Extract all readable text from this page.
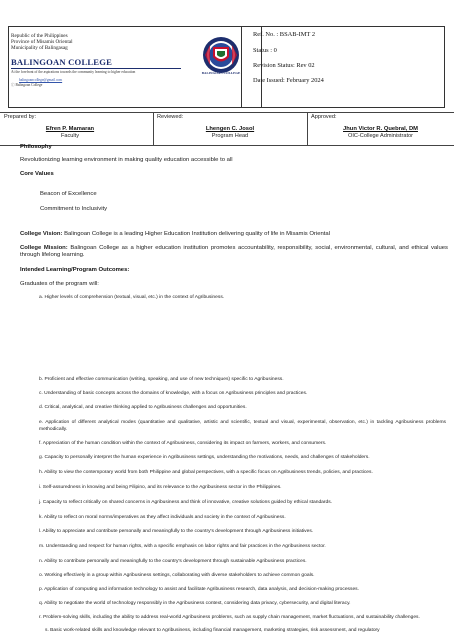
Republic of the Philippines
Province of Misamis Oriental
Municipality of Balingasag
BALINGOAN COLLEGE
At the forefront of the aspirations towards the community learning to higher education
balingoancollege@gmail.com
ⓘ Balingoan College
BALINGOAN COLLEGE
Ref. No. : BSAB-IMT 2
Status : 0
Revision Status: Rev 02
Date Issued: February 2024
Prepared by:
Efren P. Mamaran
Faculty
Reviewed:
Lhengen C. Josol
Program Head
Approved:
Jhun Victor R. Quebral, DM
OIC-College Administrator
Philosophy
Revolutionizing learning environment in making quality education accessible to all
Core Values
Beacon of Excellence
Commitment to Inclusivity
College Vision: Balingoan College is a leading Higher Education Institution delivering quality of life in Misamis Oriental
College Mission: Balingoan College as a higher education institution promotes accountability, responsibility, social, environmental, cultural, and ethical values through lifelong learning.
Intended Learning/Program Outcomes:
Graduates of the program will:
a. Higher levels of comprehension (textual, visual, etc.) in the context of Agribusiness.
b. Proficient and effective communication (writing, speaking, and use of new techniques) specific to Agribusiness.
c. Understanding of basic concepts across the domains of knowledge, with a focus on Agribusiness principles and practices.
d. Critical, analytical, and creative thinking applied to Agribusiness challenges and opportunities.
e. Application of different analytical modes (quantitative and qualitative, artistic and scientific, textual and visual, experimental, observation, etc.) in tackling Agribusiness problems methodically.
f. Appreciation of the human condition within the context of Agribusiness, considering its impact on farmers, workers, and consumers.
g. Capacity to personally interpret the human experience in Agribusiness settings, understanding the motivations, needs, and challenges of stakeholders.
h. Ability to view the contemporary world from both Philippine and global perspectives, with a specific focus on Agribusiness trends, policies, and practices.
i. Self-assuredness in knowing and being Filipino, and its relevance to the Agribusiness sector in the Philippines.
j. Capacity to reflect critically on shared concerns in Agribusiness and think of innovative, creative solutions guided by ethical standards.
k. Ability to reflect on moral norms/imperatives as they affect individuals and society in the context of Agribusiness.
l. Ability to appreciate and contribute personally and meaningfully to the country's development through Agribusiness initiatives.
m. Understanding and respect for human rights, with a specific emphasis on labor rights and fair practices in the Agribusiness sector.
n. Ability to contribute personally and meaningfully to the country's development through sustainable Agribusiness practices.
o. Working effectively in a group within Agribusiness settings, collaborating with diverse stakeholders to achieve common goals.
p. Application of computing and information technology to assist and facilitate Agribusiness research, data analysis, and decision-making processes.
q. Ability to negotiate the world of technology responsibly in the Agribusiness context, considering data privacy, cybersecurity, and digital literacy.
r. Problem-solving skills, including the ability to address real-world Agribusiness problems, such as supply chain management, market fluctuations, and sustainability challenges.
s. Basic work-related skills and knowledge relevant to Agribusiness, including financial management, marketing strategies, risk assessment, and regulatory
